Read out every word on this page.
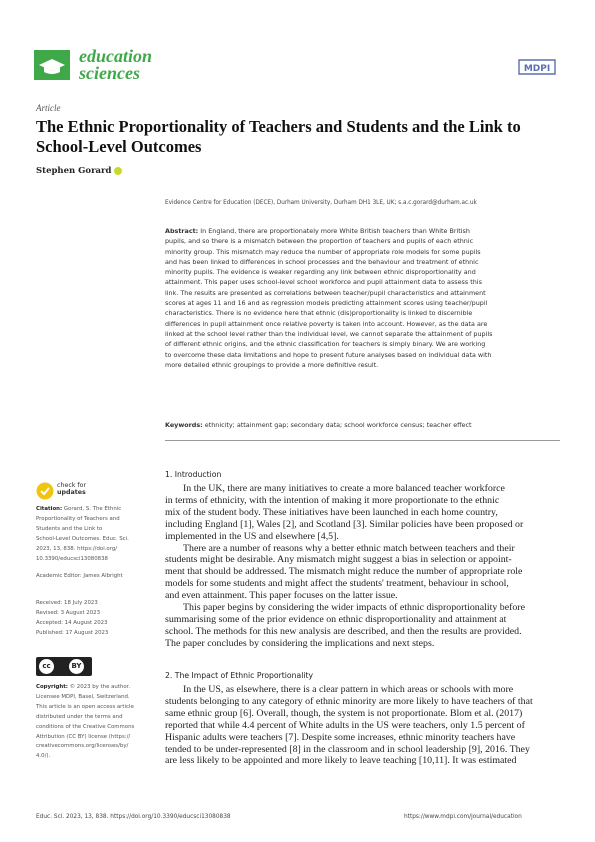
education
sciences	MDPI
Article
The Ethnic Proportionality of Teachers and Students and the Link to School-Level Outcomes
Stephen Gorard
Evidence Centre for Education (DECE), Durham University, Durham DH1 3LE, UK; s.a.c.gorard@durham.ac.uk
Abstract: In England, there are proportionately more White British teachers than White British
pupils, and so there is a mismatch between the proportion of teachers and pupils of each ethnic
minority group. This mismatch may reduce the number of appropriate role models for some pupils
and has been linked to differences in school processes and the behaviour and treatment of ethnic
minority pupils. The evidence is weaker regarding any link between ethnic disproportionality and
attainment. This paper uses school-level school workforce and pupil attainment data to assess this
link. The results are presented as correlations between teacher/pupil characteristics and attainment
scores at ages 11 and 16 and as regression models predicting attainment scores using teacher/pupil
characteristics. There is no evidence here that ethnic (dis)proportionality is linked to discernible
differences in pupil attainment once relative poverty is taken into account. However, as the data are
linked at the school level rather than the individual level, we cannot separate the attainment of pupils
of different ethnic origins, and the ethnic classification for teachers is simply binary. We are working
to overcome these data limitations and hope to present future analyses based on individual data with
more detailed ethnic groupings to provide a more definitive result.
Keywords: ethnicity; attainment gap; secondary data; school workforce census; teacher effect
check for
updates
Citation: Gorard, S. The Ethnic
Proportionality of Teachers and
Students and the Link to
School-Level Outcomes. Educ. Sci.
2023, 13, 838. https://doi.org/
10.3390/educsci13080838
Academic Editor: James Albright
Received: 18 July 2023
Revised: 3 August 2023
Accepted: 14 August 2023
Published: 17 August 2023
cc	BY
Copyright: © 2023 by the author.
Licensee MDPI, Basel, Switzerland.
This article is an open access article
distributed under the terms and
conditions of the Creative Commons
Attribution (CC BY) license (https://
creativecommons.org/licenses/by/
4.0/).
1. Introduction
In the UK, there are many initiatives to create a more balanced teacher workforce
in terms of ethnicity, with the intention of making it more proportionate to the ethnic
mix of the student body. These initiatives have been launched in each home country,
including England [1], Wales [2], and Scotland [3]. Similar policies have been proposed or
implemented in the US and elsewhere [4,5].
There are a number of reasons why a better ethnic match between teachers and their
students might be desirable. Any mismatch might suggest a bias in selection or appoint-
ment that should be addressed. The mismatch might reduce the number of appropriate role
models for some students and might affect the students' treatment, behaviour in school,
and even attainment. This paper focuses on the latter issue.
This paper begins by considering the wider impacts of ethnic disproportionality before
summarising some of the prior evidence on ethnic disproportionality and attainment at
school. The methods for this new analysis are described, and then the results are provided.
The paper concludes by considering the implications and next steps.
2. The Impact of Ethnic Proportionality
In the US, as elsewhere, there is a clear pattern in which areas or schools with more
students belonging to any category of ethnic minority are more likely to have teachers of that
same ethnic group [6]. Overall, though, the system is not proportionate. Blom et al. (2017)
reported that while 4.4 percent of White adults in the US were teachers, only 1.5 percent of
Hispanic adults were teachers [7]. Despite some increases, ethnic minority teachers have
tended to be under-represented [8] in the classroom and in school leadership [9], 2016. They
are less likely to be appointed and more likely to leave teaching [10,11]. It was estimated
Educ. Sci. 2023, 13, 838. https://doi.org/10.3390/educsci13080838	https://www.mdpi.com/journal/education
